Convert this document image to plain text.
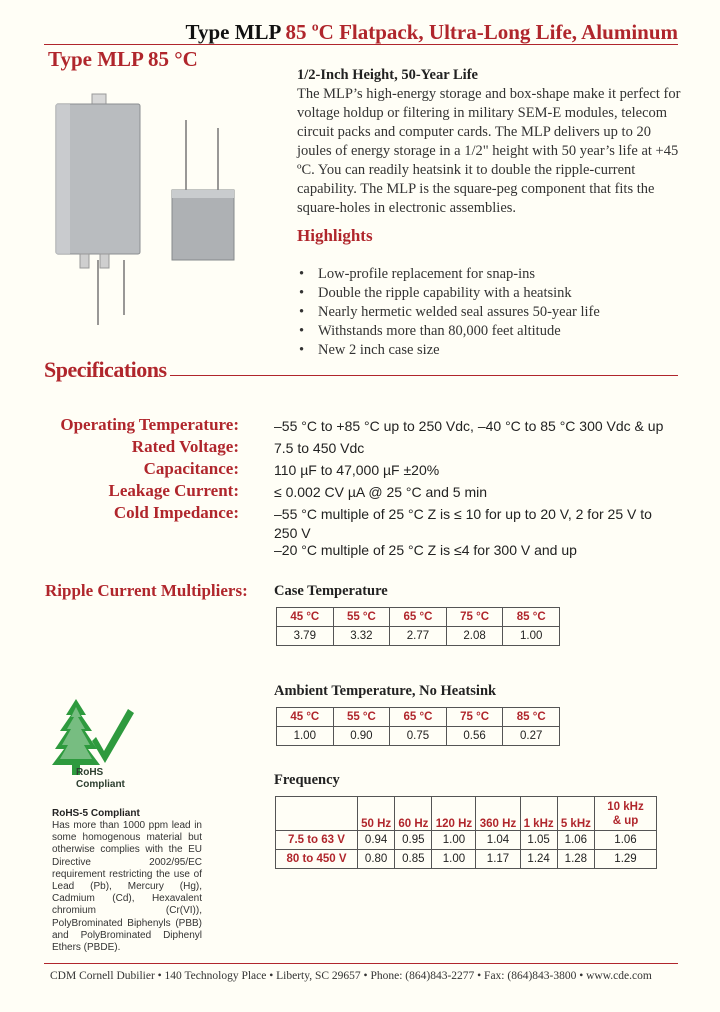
Type MLP 85 ºC Flatpack, Ultra-Long Life, Aluminum
Type MLP 85 °C
1/2-Inch Height, 50-Year Life
The MLP’s high-energy storage and box-shape make it perfect for voltage holdup or filtering in military SEM-E modules, telecom circuit packs and computer cards. The MLP delivers up to 20 joules of energy storage in a 1/2" height with 50 year’s life at +45 ºC. You can readily heatsink it to double the ripple-current capability. The MLP is the square-peg component that fits the square-holes in electronic assemblies.
Highlights
• Low-profile replacement for snap-ins
• Double the ripple capability with a heatsink
• Nearly hermetic welded seal assures 50-year life
• Withstands more than 80,000 feet altitude
• New 2 inch case size
Specifications
Operating Temperature:	–55 °C to +85 °C up to 250 Vdc, –40 °C to 85 °C 300 Vdc & up
Rated Voltage:	7.5 to 450 Vdc
Capacitance:	110 µF to 47,000 µF ±20%
Leakage Current:	≤ 0.002 CV µA @ 25 °C and 5 min
Cold Impedance:	–55 °C multiple of 25 °C Z is ≤ 10 for up to 20 V, 2 for 25 V to 250 V
–20 °C multiple of 25 °C Z is ≤4 for 300 V and up
Ripple Current Multipliers: Case Temperature
45 °C	55 °C	65 °C	75 °C	85 °C
3.79	3.32	2.77	2.08	1.00
Ambient Temperature, No Heatsink
45 °C	55 °C	65 °C	75 °C	85 °C
1.00	0.90	0.75	0.56	0.27
Frequency
	50 Hz	60 Hz	120 Hz	360 Hz	1 kHz	5 kHz	10 kHz
& up
7.5 to 63 V	0.94	0.95	1.00	1.04	1.05	1.06	1.06
80 to 450 V	0.80	0.85	1.00	1.17	1.24	1.28	1.29
RoHS
Compliant
RoHS-5 Compliant
Has more than 1000 ppm lead in some homogenous material but otherwise complies with the EU Directive 2002/95/EC requirement restricting the use of Lead (Pb), Mercury (Hg), Cadmium (Cd), Hexavalent chromium (Cr(VI)), PolyBrominated Biphenyls (PBB) and PolyBrominated Diphenyl Ethers (PBDE).
CDM Cornell Dubilier • 140 Technology Place • Liberty, SC 29657 • Phone: (864)843-2277 • Fax: (864)843-3800 • www.cde.com
